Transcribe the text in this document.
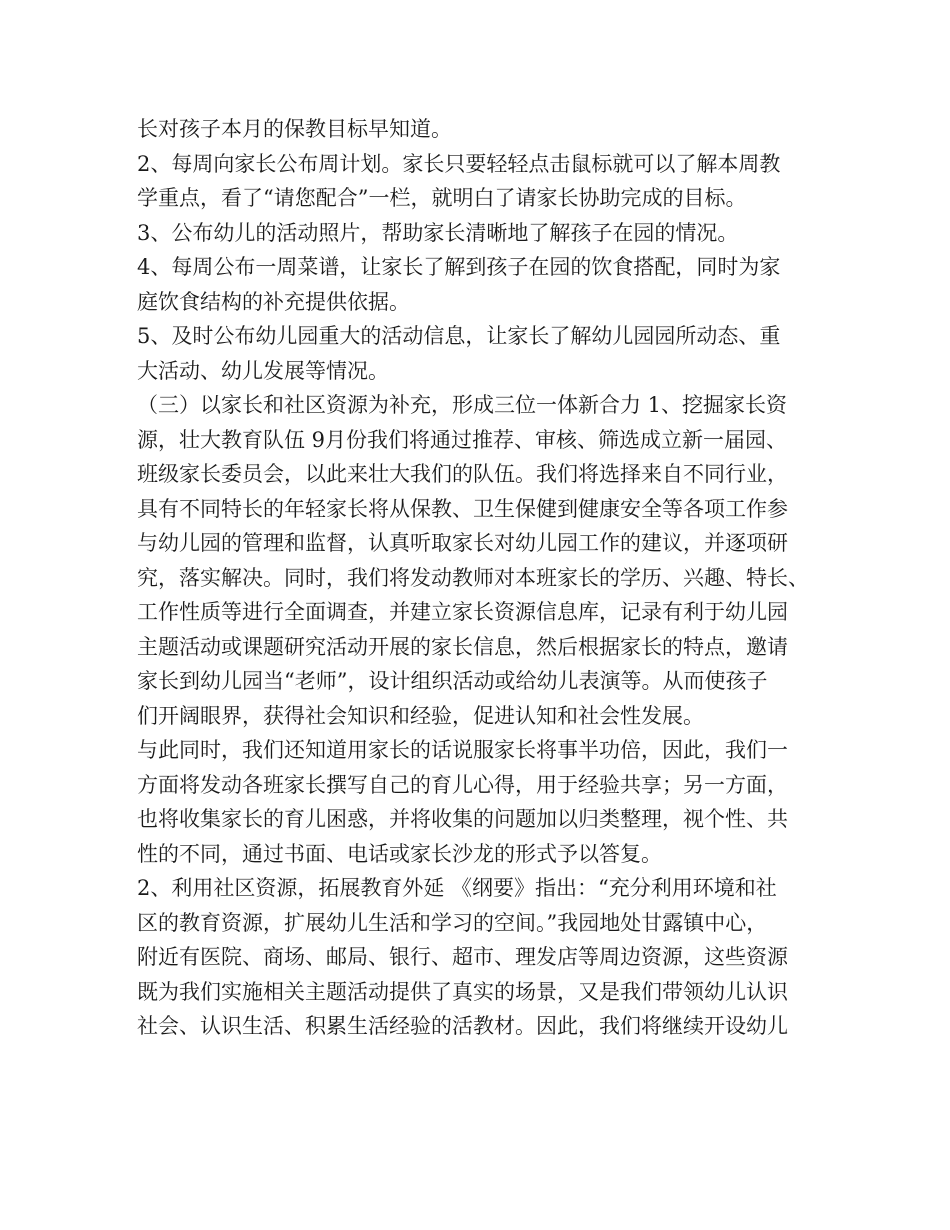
长对孩子本月的保教目标早知道。
2、每周向家长公布周计划。家长只要轻轻点击鼠标就可以了解本周教
学重点，看了“请您配合”一栏，就明白了请家长协助完成的目标。
3、公布幼儿的活动照片，帮助家长清晰地了解孩子在园的情况。
4、每周公布一周菜谱，让家长了解到孩子在园的饮食搭配，同时为家
庭饮食结构的补充提供依据。
5、及时公布幼儿园重大的活动信息，让家长了解幼儿园园所动态、重
大活动、幼儿发展等情况。
（三）以家长和社区资源为补充，形成三位一体新合力 1、挖掘家长资
源，壮大教育队伍 9月份我们将通过推荐、审核、筛选成立新一届园、
班级家长委员会，以此来壮大我们的队伍。我们将选择来自不同行业，
具有不同特长的年轻家长将从保教、卫生保健到健康安全等各项工作参
与幼儿园的管理和监督，认真听取家长对幼儿园工作的建议，并逐项研
究，落实解决。同时，我们将发动教师对本班家长的学历、兴趣、特长、
工作性质等进行全面调查，并建立家长资源信息库，记录有利于幼儿园
主题活动或课题研究活动开展的家长信息，然后根据家长的特点，邀请
家长到幼儿园当“老师”，设计组织活动或给幼儿表演等。从而使孩子
们开阔眼界，获得社会知识和经验，促进认知和社会性发展。
与此同时，我们还知道用家长的话说服家长将事半功倍，因此，我们一
方面将发动各班家长撰写自己的育儿心得，用于经验共享；另一方面，
也将收集家长的育儿困惑，并将收集的问题加以归类整理，视个性、共
性的不同，通过书面、电话或家长沙龙的形式予以答复。
2、利用社区资源，拓展教育外延 《纲要》指出：“充分利用环境和社
区的教育资源，扩展幼儿生活和学习的空间。”我园地处甘露镇中心，
附近有医院、商场、邮局、银行、超市、理发店等周边资源，这些资源
既为我们实施相关主题活动提供了真实的场景，又是我们带领幼儿认识
社会、认识生活、积累生活经验的活教材。因此，我们将继续开设幼儿
